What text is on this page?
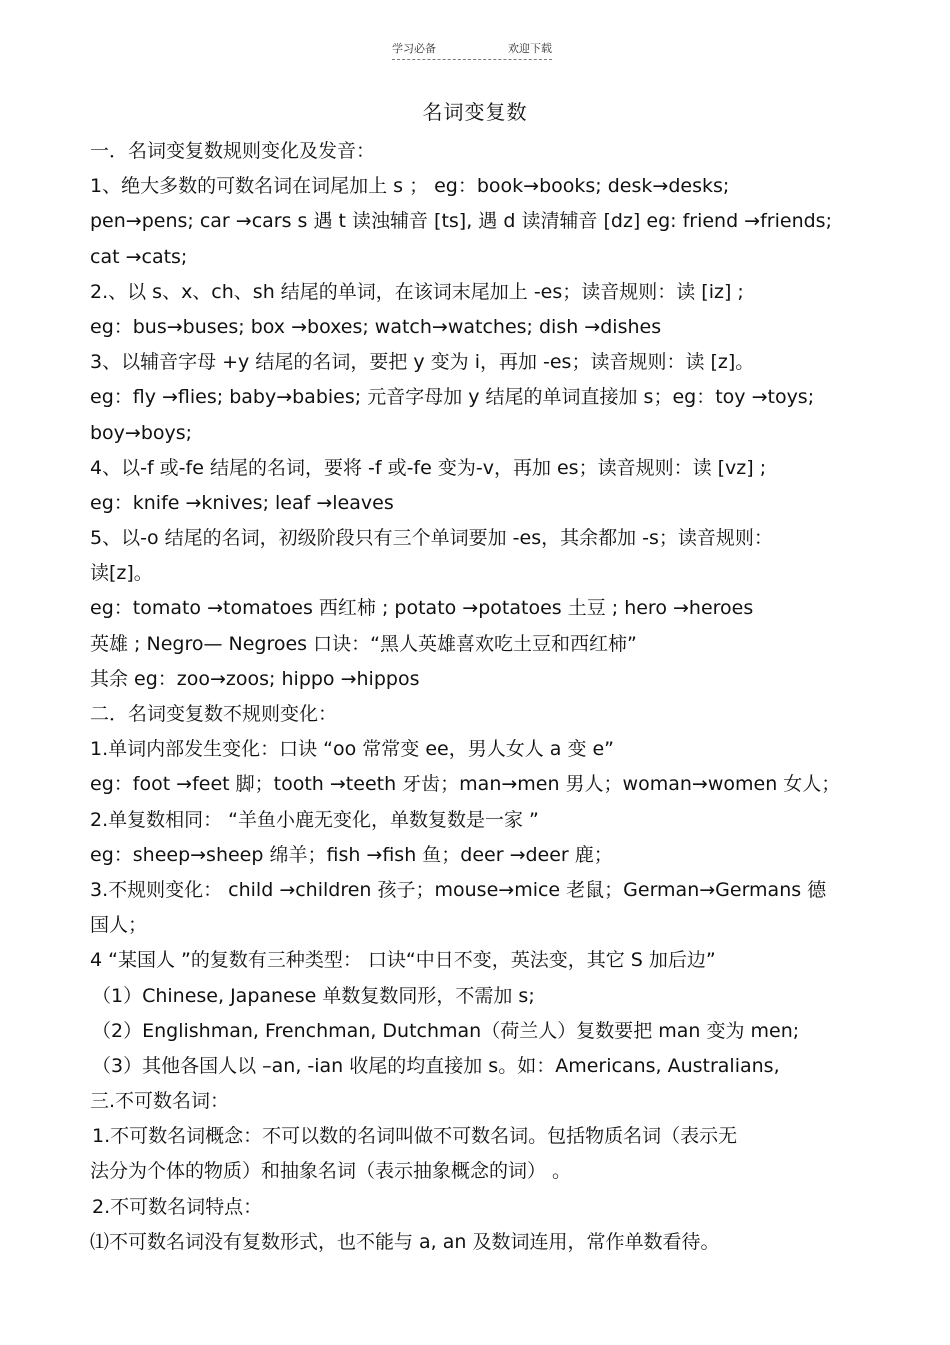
学习必备	欢迎下载
名词变复数
一．名词变复数规则变化及发音：
1、绝大多数的可数名词在词尾加上 s ； eg：book→books; desk→desks;
pen→pens; car →cars s 遇 t 读浊辅音 [ts], 遇 d 读清辅音 [dz] eg: friend →friends;
cat →cats;
2.、以 s、x、ch、sh 结尾的单词，在该词末尾加上 -es；读音规则：读 [iz] ;
eg：bus→buses; box →boxes; watch→watches; dish →dishes
3、以辅音字母 +y 结尾的名词，要把 y 变为 i，再加 -es；读音规则：读 [z]。
eg：fly →flies; baby→babies; 元音字母加 y 结尾的单词直接加 s；eg：toy →toys;
boy→boys;
4、以-f 或-fe 结尾的名词，要将 -f 或-fe 变为-v，再加 es；读音规则：读 [vz] ;
eg：knife →knives; leaf →leaves
5、以-o 结尾的名词，初级阶段只有三个单词要加 -es，其余都加 -s；读音规则：
读[z]。
eg：tomato →tomatoes 西红柿 ; potato →potatoes 土豆 ; hero →heroes
英雄 ; Negro— Negroes 口诀：“黑人英雄喜欢吃土豆和西红柿”
其余 eg：zoo→zoos; hippo →hippos
二．名词变复数不规则变化：
1.单词内部发生变化：口诀 “oo 常常变 ee，男人女人 a 变 e”
eg：foot →feet 脚；tooth →teeth 牙齿；man→men 男人；woman→women 女人；
2.单复数相同： “羊鱼小鹿无变化，单数复数是一家 ”
eg：sheep→sheep 绵羊；fish →fish 鱼；deer →deer 鹿；
3.不规则变化： child →children 孩子；mouse→mice 老鼠；German→Germans 德
国人；
4 “某国人 ”的复数有三种类型： 口诀“中日不变，英法变，其它 S 加后边”
（1）Chinese, Japanese 单数复数同形，不需加 s;
（2）Englishman, Frenchman, Dutchman（荷兰人）复数要把 man 变为 men;
（3）其他各国人以 –an, -ian 收尾的均直接加 s。如：Americans, Australians,
三.不可数名词：
1.不可数名词概念：不可以数的名词叫做不可数名词。包括物质名词（表示无
法分为个体的物质）和抽象名词（表示抽象概念的词） 。
2.不可数名词特点：
⑴不可数名词没有复数形式，也不能与 a, an 及数词连用，常作单数看待。
